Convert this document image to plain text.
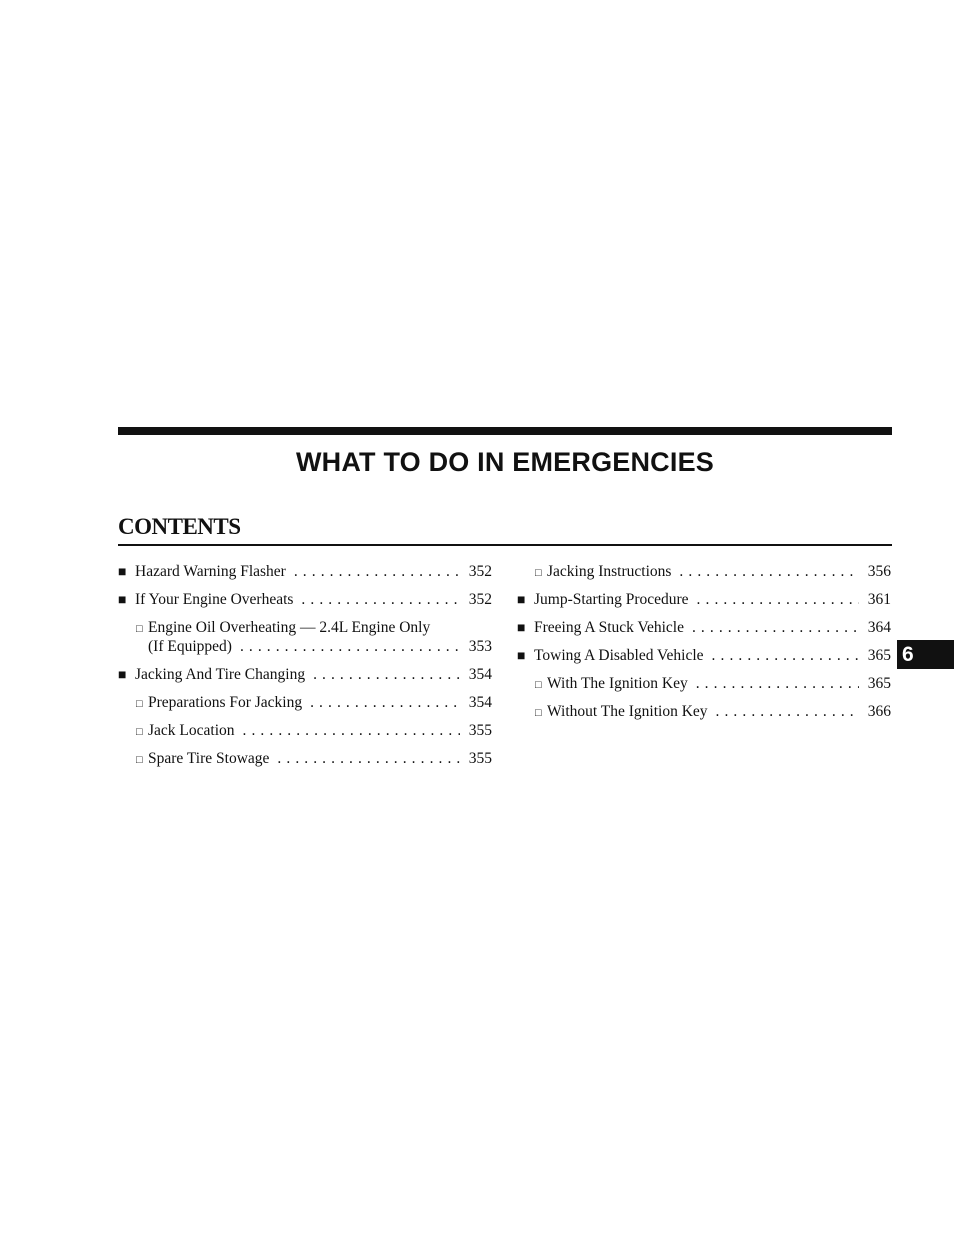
WHAT TO DO IN EMERGENCIES
CONTENTS
■
Hazard Warning Flasher . . .	352
■
If Your Engine Overheats . . .	352
□
Engine Oil Overheating — 2.4L Engine Only
(If Equipped) . . .	353
■
Jacking And Tire Changing . . .	354
□
Preparations For Jacking . . .	354
□
Jack Location . . .	355
□
Spare Tire Stowage . . .	355
□
Jacking Instructions . . .	356
■
Jump-Starting Procedure . . .	361
■
Freeing A Stuck Vehicle . . .	364
■
Towing A Disabled Vehicle . . .	365
□
With The Ignition Key . . .	365
□
Without The Ignition Key . . .	366
6
